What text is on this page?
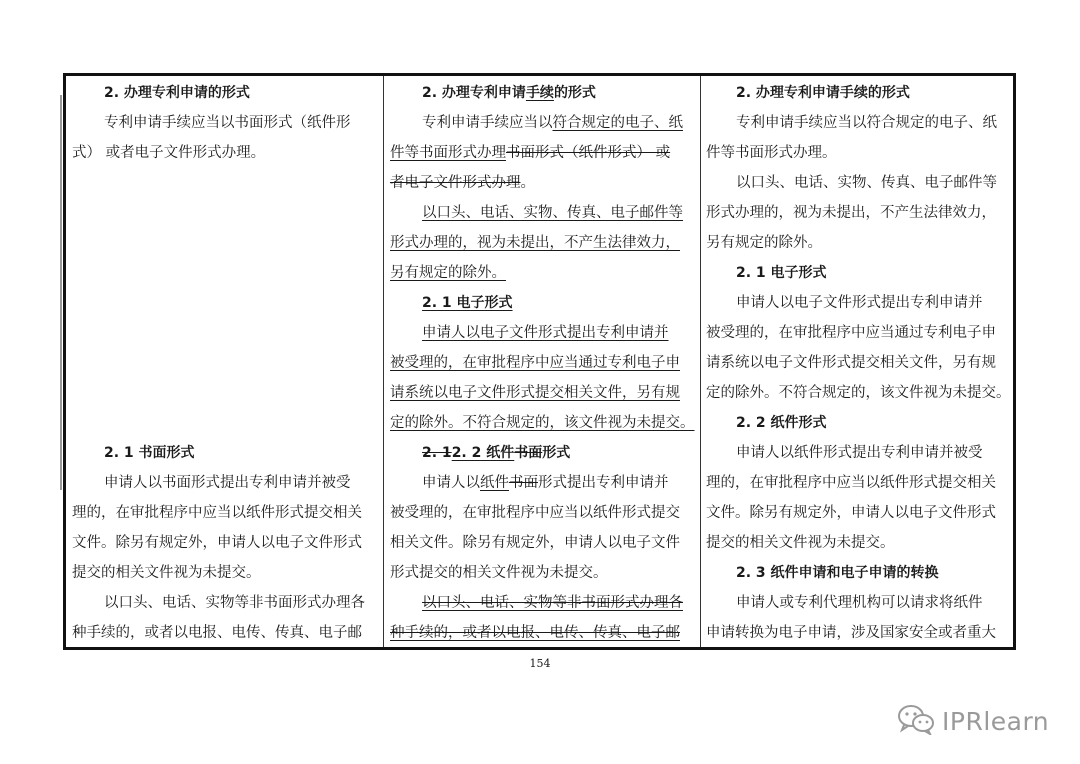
2. 办理专利申请的形式

专利申请手续应当以书面形式（纸件形

式） 或者电子文件形式办理。

2. 1 书面形式

申请人以书面形式提出专利申请并被受

理的，在审批程序中应当以纸件形式提交相关

文件。除另有规定外，申请人以电子文件形式

提交的相关文件视为未提交。

以口头、电话、实物等非书面形式办理各

种手续的，或者以电报、电传、传真、电子邮

2. 办理专利申请手续的形式

专利申请手续应当以符合规定的电子、纸

件等书面形式办理书面形式（纸件形式） 或

者电子文件形式办理。

以口头、电话、实物、传真、电子邮件等

形式办理的，视为未提出，不产生法律效力，

另有规定的除外。

2. 1 电子形式

申请人以电子文件形式提出专利申请并

被受理的，在审批程序中应当通过专利电子申

请系统以电子文件形式提交相关文件，另有规

定的除外。不符合规定的，该文件视为未提交。

2. 12. 2 纸件书面形式

申请人以纸件书面形式提出专利申请并

被受理的，在审批程序中应当以纸件形式提交

相关文件。除另有规定外，申请人以电子文件

形式提交的相关文件视为未提交。

以口头、电话、实物等非书面形式办理各

种手续的，或者以电报、电传、传真、电子邮

2. 办理专利申请手续的形式

专利申请手续应当以符合规定的电子、纸

件等书面形式办理。

以口头、电话、实物、传真、电子邮件等

形式办理的，视为未提出，不产生法律效力，

另有规定的除外。

2. 1 电子形式

申请人以电子文件形式提出专利申请并

被受理的，在审批程序中应当通过专利电子申

请系统以电子文件形式提交相关文件，另有规

定的除外。不符合规定的，该文件视为未提交。

2. 2 纸件形式

申请人以纸件形式提出专利申请并被受

理的，在审批程序中应当以纸件形式提交相关

文件。除另有规定外，申请人以电子文件形式

提交的相关文件视为未提交。

2. 3 纸件申请和电子申请的转换

申请人或专利代理机构可以请求将纸件

申请转换为电子申请，涉及国家安全或者重大

154
IPRlearn
